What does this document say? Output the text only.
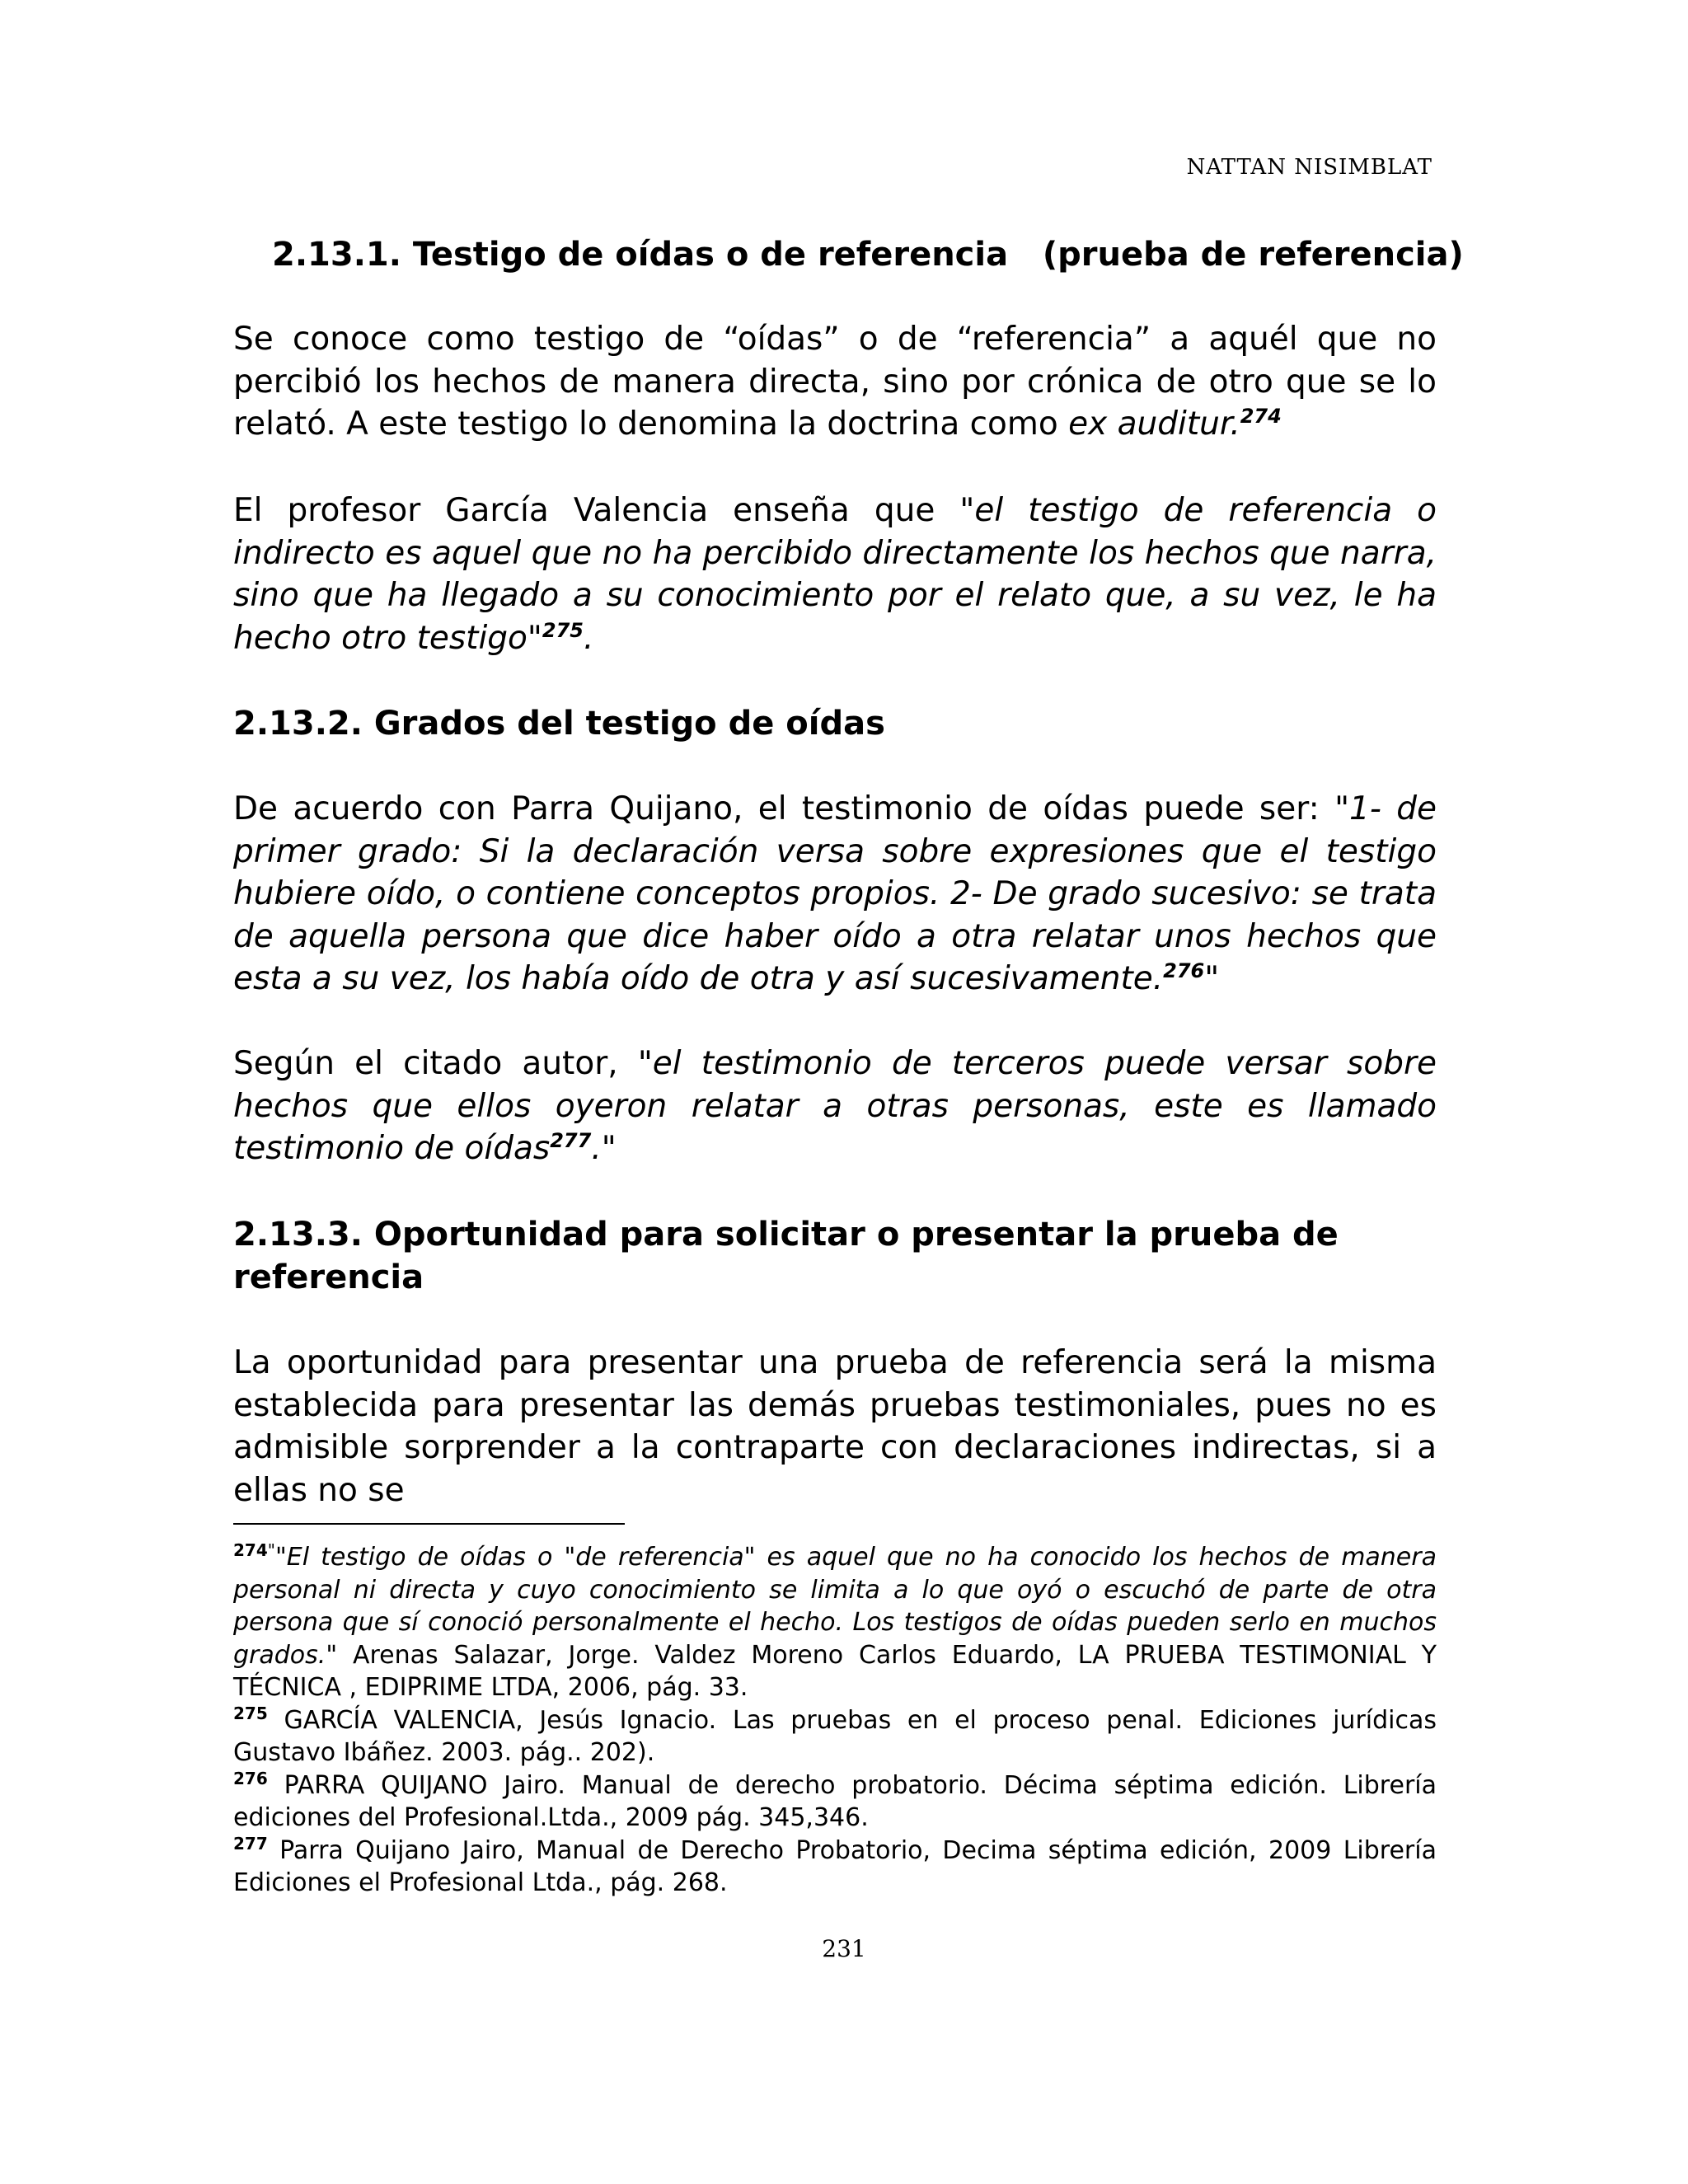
NATTAN NISIMBLAT
2.13.1. Testigo de oídas o de referencia   (prueba de referencia)

Se conoce como testigo de “oídas” o de “referencia” a aquél que no percibió los hechos de manera directa, sino por crónica de otro que se lo relató. A este testigo lo denomina la doctrina como ex auditur.$^{274}$

El profesor García Valencia enseña que "el testigo de referencia o indirecto es aquel que no ha percibido directamente los hechos que narra, sino que ha llegado a su conocimiento por el relato que, a su vez, le ha hecho otro testigo"$^{275}$.

2.13.2. Grados del testigo de oídas

De acuerdo con Parra Quijano, el testimonio de oídas puede ser: "1- de primer grado: Si la declaración versa sobre expresiones que el testigo hubiere oído, o contiene conceptos propios. 2- De grado sucesivo: se trata de aquella persona que dice haber oído a otra relatar unos hechos que esta a su vez, los había oído de otra y así sucesivamente.$^{276}$"

Según el citado autor, "el testimonio de terceros puede versar sobre hechos que ellos oyeron relatar a otras personas, este es llamado testimonio de oídas$^{277}$."

2.13.3. Oportunidad para solicitar o presentar la prueba de referencia

La oportunidad para presentar una prueba de referencia será la misma establecida para presentar las demás pruebas testimoniales, pues no es admisible sorprender a la contraparte con declaraciones indirectas, si a ellas no se

$^{274"}$"El testigo de oídas o "de referencia" es aquel que no ha conocido los hechos de manera personal ni directa y cuyo conocimiento se limita a lo que oyó o escuchó de parte de otra persona que sí conoció personalmente el hecho. Los testigos de oídas pueden serlo en muchos grados." Arenas Salazar, Jorge. Valdez Moreno Carlos Eduardo, LA PRUEBA TESTIMONIAL Y TÉCNICA , EDIPRIME LTDA, 2006, pág. 33.

$^{275}$ GARCÍA VALENCIA, Jesús Ignacio. Las pruebas en el proceso penal. Ediciones jurídicas Gustavo Ibáñez. 2003. pág.. 202).

$^{276}$ PARRA QUIJANO Jairo. Manual de derecho probatorio. Décima séptima edición. Librería ediciones del Profesional.Ltda., 2009 pág. 345,346.

$^{277}$ Parra Quijano Jairo, Manual de Derecho Probatorio, Decima séptima edición, 2009 Librería Ediciones el Profesional Ltda., pág. 268.

231
